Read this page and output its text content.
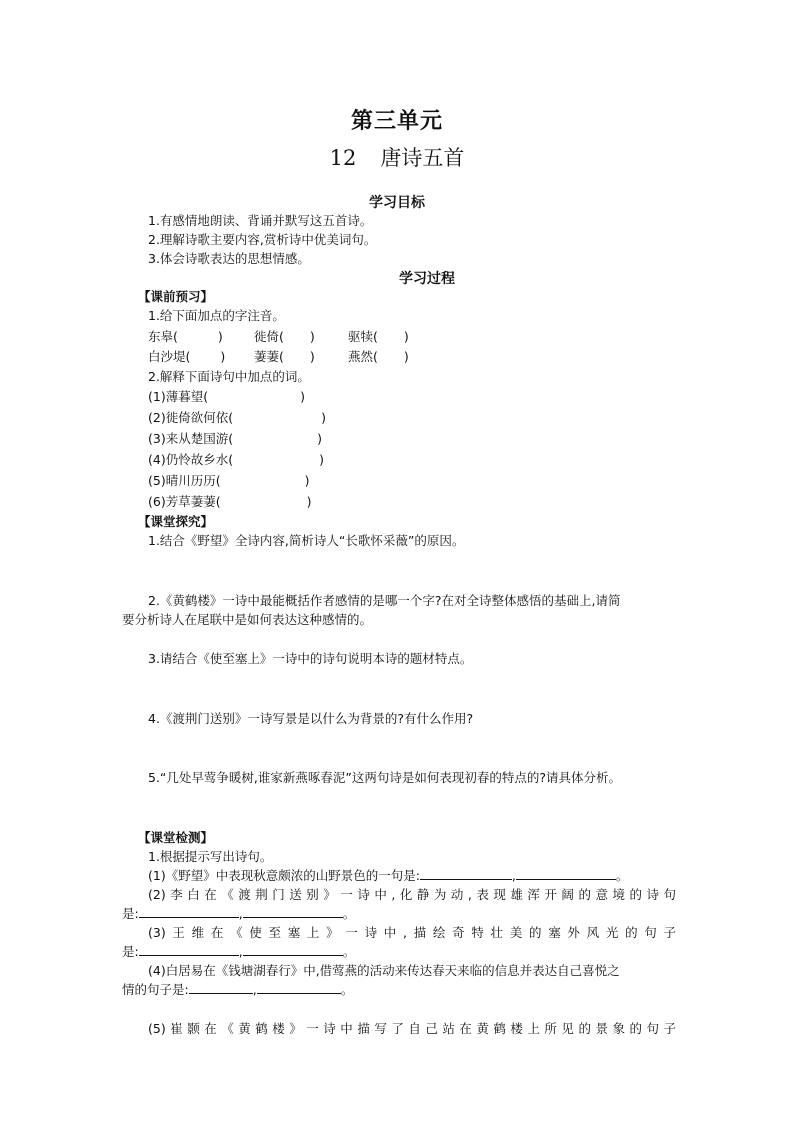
第三单元
12 唐诗五首
学习目标
1.有感情地朗读、背诵并默写这五首诗。
2.理解诗歌主要内容,赏析诗中优美词句。
3.体会诗歌表达的思想情感。
学习过程
【课前预习】
1.给下面加点的字注音。
东皋(	) 徙倚( )	驱犊( )
白沙堤( ) 萋萋( )	燕然( )
2.解释下面诗句中加点的词。
(1)薄暮望(	)
(2)徙倚欲何依(	)
(3)来从楚国游(	)
(4)仍怜故乡水(	)
(5)晴川历历(	)
(6)芳草萋萋(	)
【课堂探究】
1.结合《野望》全诗内容,简析诗人“长歌怀采薇”的原因。
2.《黄鹤楼》一诗中最能概括作者感情的是哪一个字?在对全诗整体感悟的基础上,请简
要分析诗人在尾联中是如何表达这种感情的。
3.请结合《使至塞上》一诗中的诗句说明本诗的题材特点。
4.《渡荆门送别》一诗写景是以什么为背景的?有什么作用?
5.“几处早莺争暖树,谁家新燕啄春泥”这两句诗是如何表现初春的特点的?请具体分析。
【课堂检测】
1.根据提示写出诗句。
(1)《野望》中表现秋意颇浓的山野景色的一句是:	,	。
(2)李白在《渡荆门送别》一诗中,化静为动,表现雄浑开阔的意境的诗句
是:	,	。
(3)王维在《使至塞上》一诗中,描绘奇特壮美的塞外风光的句子
是:	,	。
(4)白居易在《钱塘湖春行》中,借莺燕的活动来传达春天来临的信息并表达自己喜悦之
情的句子是:	,	。
(5)崔颢在《黄鹤楼》一诗中描写了自己站在黄鹤楼上所见的景象的句子
